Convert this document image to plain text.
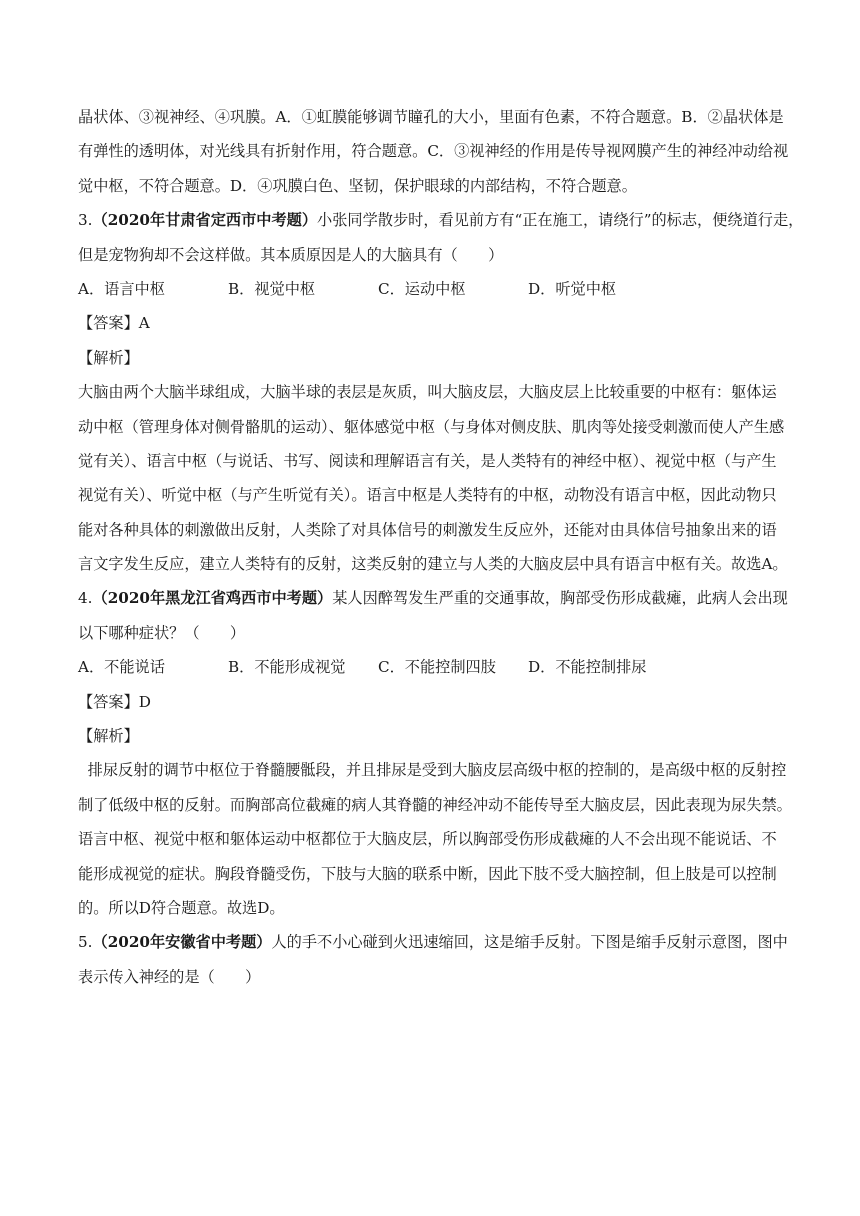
晶状体、③视神经、④巩膜。A．①虹膜能够调节瞳孔的大小，里面有色素，不符合题意。B．②晶状体是

有弹性的透明体，对光线具有折射作用，符合题意。C．③视神经的作用是传导视网膜产生的神经冲动给视

觉中枢，不符合题意。D．④巩膜白色、坚韧，保护眼球的内部结构，不符合题意。

3.（2020年甘肃省定西市中考题）小张同学散步时，看见前方有“正在施工，请绕行”的标志，便绕道行走，

但是宠物狗却不会这样做。其本质原因是人的大脑具有（　　）

A．语言中枢	B．视觉中枢	C．运动中枢	D．听觉中枢

【答案】A

【解析】

大脑由两个大脑半球组成，大脑半球的表层是灰质，叫大脑皮层，大脑皮层上比较重要的中枢有：躯体运

动中枢（管理身体对侧骨骼肌的运动）、躯体感觉中枢（与身体对侧皮肤、肌肉等处接受刺激而使人产生感

觉有关）、语言中枢（与说话、书写、阅读和理解语言有关，是人类特有的神经中枢）、视觉中枢（与产生

视觉有关）、听觉中枢（与产生听觉有关）。语言中枢是人类特有的中枢，动物没有语言中枢，因此动物只

能对各种具体的刺激做出反射，人类除了对具体信号的刺激发生反应外，还能对由具体信号抽象出来的语

言文字发生反应，建立人类特有的反射，这类反射的建立与人类的大脑皮层中具有语言中枢有关。故选A。

4.（2020年黑龙江省鸡西市中考题）某人因醉驾发生严重的交通事故，胸部受伤形成截瘫，此病人会出现

以下哪种症状？（　　）

A．不能说话	B．不能形成视觉	C．不能控制四肢	D．不能控制排尿

【答案】D

【解析】

排尿反射的调节中枢位于脊髓腰骶段，并且排尿是受到大脑皮层高级中枢的控制的，是高级中枢的反射控

制了低级中枢的反射。而胸部高位截瘫的病人其脊髓的神经冲动不能传导至大脑皮层，因此表现为尿失禁。

语言中枢、视觉中枢和躯体运动中枢都位于大脑皮层，所以胸部受伤形成截瘫的人不会出现不能说话、不

能形成视觉的症状。胸段脊髓受伤，下肢与大脑的联系中断，因此下肢不受大脑控制，但上肢是可以控制

的。所以D符合题意。故选D。

5.（2020年安徽省中考题）人的手不小心碰到火迅速缩回，这是缩手反射。下图是缩手反射示意图，图中

表示传入神经的是（　　）
